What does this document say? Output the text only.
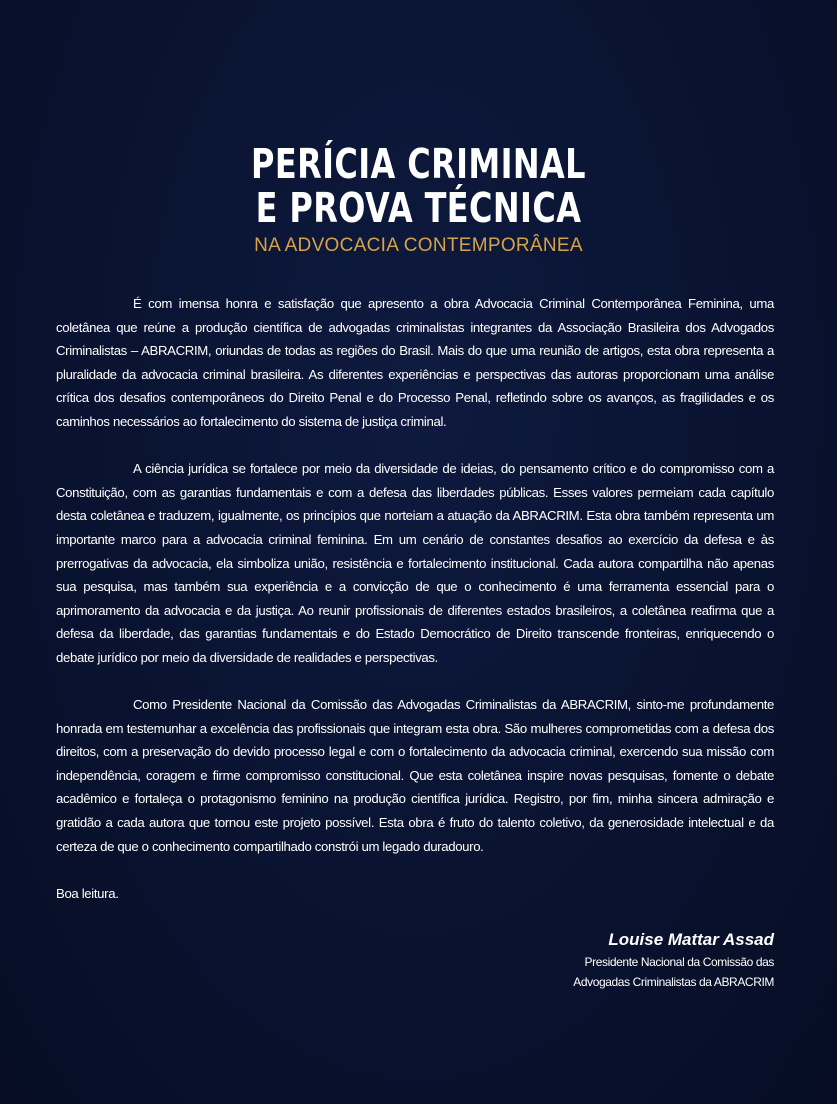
PERÍCIA CRIMINAL
E PROVA TÉCNICA
NA ADVOCACIA CONTEMPORÂNEA

É com imensa honra e satisfação que apresento a obra Advocacia Criminal Contemporânea Feminina, uma coletânea que reúne a produção científica de advogadas criminalistas integrantes da Associação Brasileira dos Advogados Criminalistas – ABRACRIM, oriundas de todas as regiões do Brasil. Mais do que uma reunião de artigos, esta obra representa a pluralidade da advocacia criminal brasileira. As diferentes experiências e perspectivas das autoras proporcionam uma análise crítica dos desafios contemporâneos do Direito Penal e do Processo Penal, refletindo sobre os avanços, as fragilidades e os caminhos necessários ao fortalecimento do sistema de justiça criminal.

A ciência jurídica se fortalece por meio da diversidade de ideias, do pensamento crítico e do compromisso com a Constituição, com as garantias fundamentais e com a defesa das liberdades públicas. Esses valores permeiam cada capítulo desta coletânea e traduzem, igualmente, os princípios que norteiam a atuação da ABRACRIM. Esta obra também representa um importante marco para a advocacia criminal feminina. Em um cenário de constantes desafios ao exercício da defesa e às prerrogativas da advocacia, ela simboliza união, resistência e fortalecimento institucional. Cada autora compartilha não apenas sua pesquisa, mas também sua experiência e a convicção de que o conhecimento é uma ferramenta essencial para o aprimoramento da advocacia e da justiça. Ao reunir profissionais de diferentes estados brasileiros, a coletânea reafirma que a defesa da liberdade, das garantias fundamentais e do Estado Democrático de Direito transcende fronteiras, enriquecendo o debate jurídico por meio da diversidade de realidades e perspectivas.

Como Presidente Nacional da Comissão das Advogadas Criminalistas da ABRACRIM, sinto-me profundamente honrada em testemunhar a excelência das profissionais que integram esta obra. São mulheres comprometidas com a defesa dos direitos, com a preservação do devido processo legal e com o fortalecimento da advocacia criminal, exercendo sua missão com independência, coragem e firme compromisso constitucional. Que esta coletânea inspire novas pesquisas, fomente o debate acadêmico e fortaleça o protagonismo feminino na produção científica jurídica. Registro, por fim, minha sincera admiração e gratidão a cada autora que tornou este projeto possível. Esta obra é fruto do talento coletivo, da generosidade intelectual e da certeza de que o conhecimento compartilhado constrói um legado duradouro.

Boa leitura.

Louise Mattar Assad
Presidente Nacional da Comissão das
Advogadas Criminalistas da ABRACRIM
